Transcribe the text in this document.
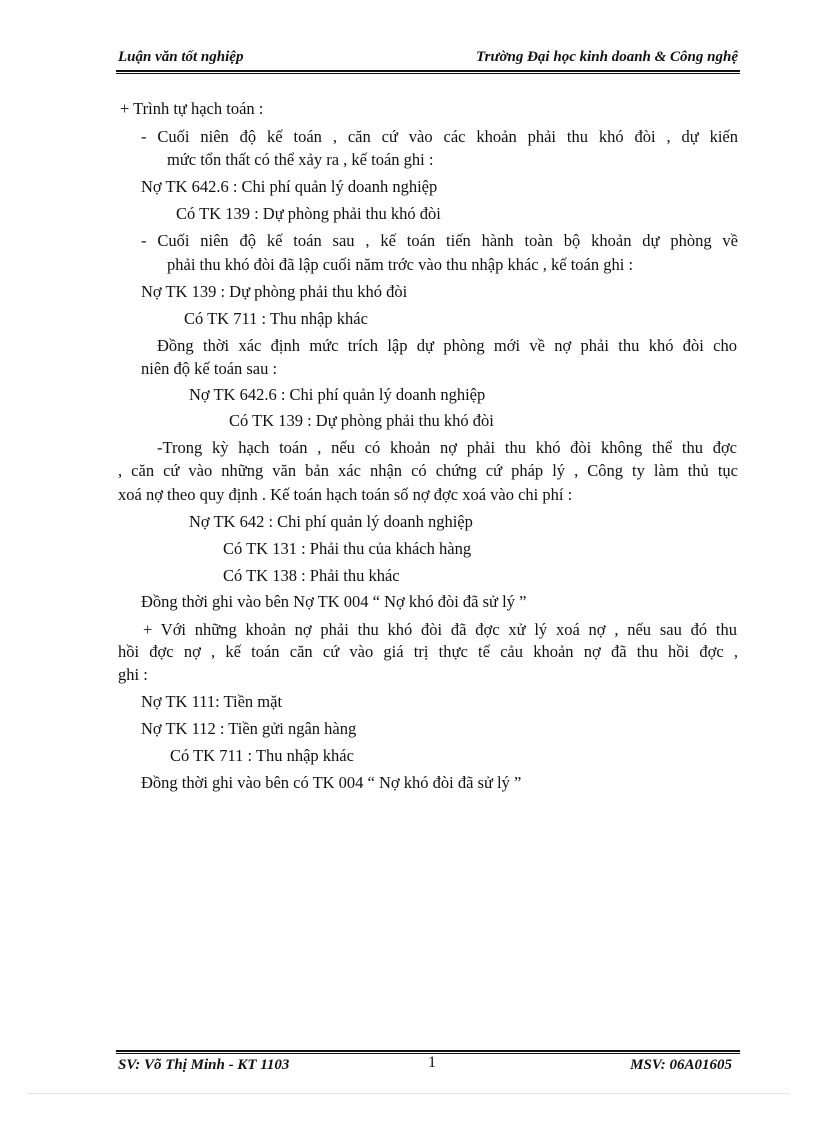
Luận văn tốt nghiệp	Trường Đại học kinh doanh & Công nghệ
+ Trình tự hạch toán :
- Cuối niên độ kế toán , căn cứ vào các khoản phải thu khó đòi , dự kiến
mức tổn thất có thể xảy ra , kế toán ghi :
Nợ TK 642.6 : Chi phí quản lý doanh nghiệp
Có TK 139 : Dự phòng phải thu khó đòi
- Cuối niên độ kế toán sau , kế toán tiến hành toàn bộ khoản dự phòng về
phải thu khó đòi đã lập cuối năm trớc vào thu nhập khác , kế toán ghi :
Nợ TK 139 : Dự phòng phải thu khó đòi
Có TK 711 : Thu nhập khác
Đồng thời xác định mức trích lập dự phòng mới về nợ phải thu khó đòi cho
niên độ kế toán sau :
Nợ TK 642.6 : Chi phí quản lý doanh nghiệp
Có TK 139 : Dự phòng phải thu khó đòi
-Trong kỳ hạch toán , nếu có khoản nợ phải thu khó đòi không thể thu đợc
, căn cứ vào những văn bản xác nhận có chứng cứ pháp lý , Công ty làm thủ tục
xoá nợ theo quy định . Kế toán hạch toán số nợ đợc xoá vào chi phí :
Nợ TK 642 : Chi phí quản lý doanh nghiệp
Có TK 131 : Phải thu của khách hàng
Có TK 138 : Phải thu khác
Đồng thời ghi vào bên Nợ TK 004 “ Nợ khó đòi đã sử lý ”
+ Với những khoản nợ phải thu khó đòi đã đợc xử lý xoá nợ , nếu sau đó thu
hồi đợc nợ , kế toán căn cứ vào giá trị thực tế cảu khoản nợ đã thu hồi đợc ,
ghi :
Nợ TK 111: Tiền mặt
Nợ TK 112 : Tiền gửi ngân hàng
Có TK 711 : Thu nhập khác
Đồng thời ghi vào bên có TK 004 “ Nợ khó đòi đã sử lý ”
SV: Võ Thị Minh - KT 1103	1	MSV: 06A01605
